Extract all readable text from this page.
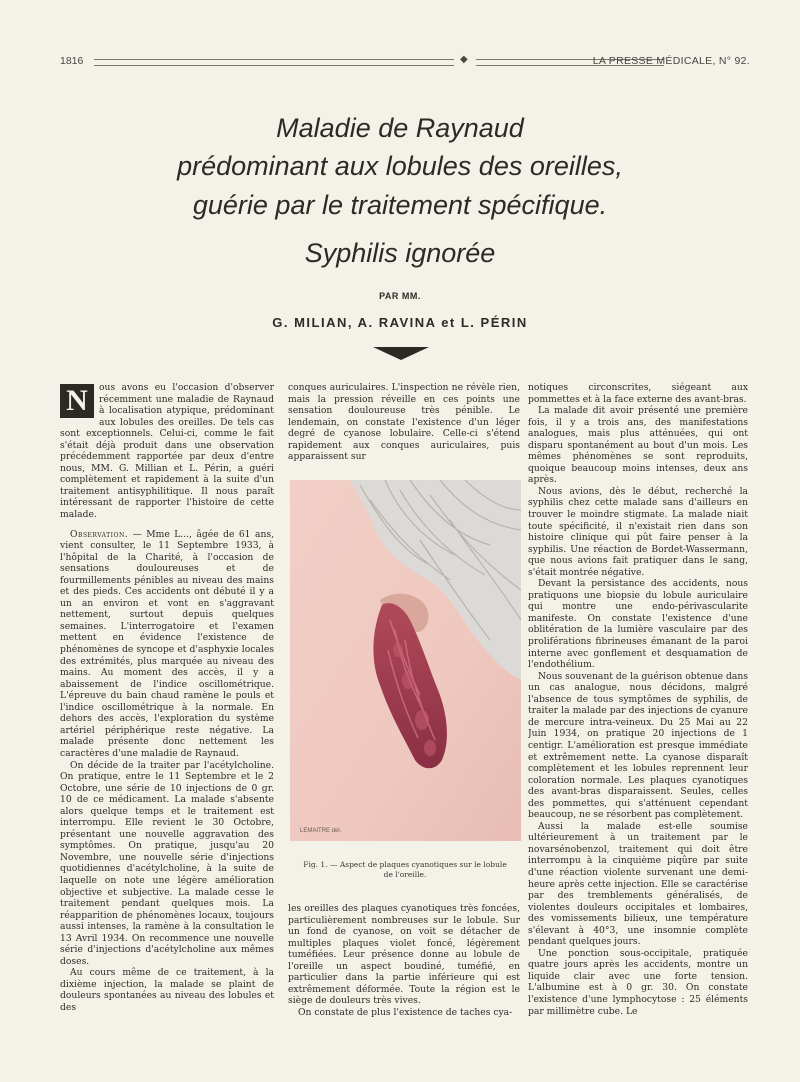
1816	◆	LA PRESSE MÉDICALE, N° 92.
Maladie de Raynaud
prédominant aux lobules des oreilles,
guérie par le traitement spécifique.
Syphilis ignorée
PAR MM.
G. MILIAN, A. RAVINA et L. PÉRIN

N	ous avons eu l'occasion d'observer récemment une maladie de Raynaud à localisation atypique, prédominant aux lobules des oreilles. De tels cas sont exceptionnels. Celui-ci, comme le fait s'était déjà produit dans une observation précédemment rapportée par deux d'entre nous, MM. G. Millian et L. Périn, a guéri complètement et rapidement à la suite d'un traitement antisyphilitique. Il nous paraît intéressant de rapporter l'histoire de cette malade.

Observation. — Mme L..., âgée de 61 ans, vient consulter, le 11 Septembre 1933, à l'hôpital de la Charité, à l'occasion de sensations douloureuses et de fourmillements pénibles au niveau des mains et des pieds. Ces accidents ont débuté il y a un an environ et vont en s'aggravant nettement, surtout depuis quelques semaines. L'interrogatoire et l'examen mettent en évidence l'existence de phénomènes de syncope et d'asphyxie locales des extrémités, plus marquée au niveau des mains. Au moment des accès, il y a abaissement de l'indice oscillométrique. L'épreuve du bain chaud ramène le pouls et l'indice oscillométrique à la normale. En dehors des accès, l'exploration du système artériel périphérique reste négative. La malade présente donc nettement les caractères d'une maladie de Raynaud.

On décide de la traiter par l'acétylcholine. On pratique, entre le 11 Septembre et le 2 Octobre, une série de 10 injections de 0 gr. 10 de ce médicament. La malade s'absente alors quelque temps et le traitement est interrompu. Elle revient le 30 Octobre, présentant une nouvelle aggravation des symptômes. On pratique, jusqu'au 20 Novembre, une nouvelle série d'injections quotidiennes d'acétylcholine, à la suite de laquelle on note une légère amélioration objective et subjective. La malade cesse le traitement pendant quelques mois. La réapparition de phénomènes locaux, toujours aussi intenses, la ramène à la consultation le 13 Avril 1934. On recommence une nouvelle série d'injections d'acétylcholine aux mêmes doses.

Au cours même de ce traitement, à la dixième injection, la malade se plaint de douleurs spontanées au niveau des lobules et des

conques auriculaires. L'inspection ne révèle rien, mais la pression réveille en ces points une sensation douloureuse très pénible. Le lendemain, on constate l'existence d'un léger degré de cyanose lobulaire. Celle-ci s'étend rapidement aux conques auriculaires, puis apparaissent sur

LEMAITRE del.
Fig. 1. — Aspect de plaques cyanotiques sur le lobule de l'oreille.

les oreilles des plaques cyanotiques très foncées, particulièrement nombreuses sur le lobule. Sur un fond de cyanose, on voit se détacher de multiples plaques violet foncé, légèrement tuméfiées. Leur présence donne au lobule de l'oreille un aspect boudiné, tuméfié, en particulier dans la partie inférieure qui est extrêmement déformée. Toute la région est le siège de douleurs très vives.

On constate de plus l'existence de taches cya-

notiques circonscrites, siégeant aux pommettes et à la face externe des avant-bras.

La malade dit avoir présenté une première fois, il y a trois ans, des manifestations analogues, mais plus atténuées, qui ont disparu spontanément au bout d'un mois. Les mêmes phénomènes se sont reproduits, quoique beaucoup moins intenses, deux ans après.

Nous avions, dès le début, recherché la syphilis chez cette malade sans d'ailleurs en trouver le moindre stigmate. La malade niait toute spécificité, il n'existait rien dans son histoire clinique qui pût faire penser à la syphilis. Une réaction de Bordet-Wassermann, que nous avions fait pratiquer dans le sang, s'était montrée négative.

Devant la persistance des accidents, nous pratiquons une biopsie du lobule auriculaire qui montre une endo-périvascularite manifeste. On constate l'existence d'une oblitération de la lumière vasculaire par des proliférations fibrineuses émanant de la paroi interne avec gonflement et desquamation de l'endothélium.

Nous souvenant de la guérison obtenue dans un cas analogue, nous décidons, malgré l'absence de tous symptômes de syphilis, de traiter la malade par des injections de cyanure de mercure intra-veineux. Du 25 Mai au 22 Juin 1934, on pratique 20 injections de 1 centigr. L'amélioration est presque immédiate et extrêmement nette. La cyanose disparaît complètement et les lobules reprennent leur coloration normale. Les plaques cyanotiques des avant-bras disparaissent. Seules, celles des pommettes, qui s'atténuent cependant beaucoup, ne se résorbent pas complètement.

Aussi la malade est-elle soumise ultérieurement à un traitement par le novarsénobenzol, traitement qui doit être interrompu à la cinquième piqûre par suite d'une réaction violente survenant une demi-heure après cette injection. Elle se caractérise par des tremblements généralisés, de violentes douleurs occipitales et lombaires, des vomissements bilieux, une température s'élevant à 40°3, une insomnie complète pendant quelques jours.

Une ponction sous-occipitale, pratiquée quatre jours après les accidents, montre un liquide clair avec une forte tension. L'albumine est à 0 gr. 30. On constate l'existence d'une lymphocytose : 25 éléments par millimètre cube. Le
